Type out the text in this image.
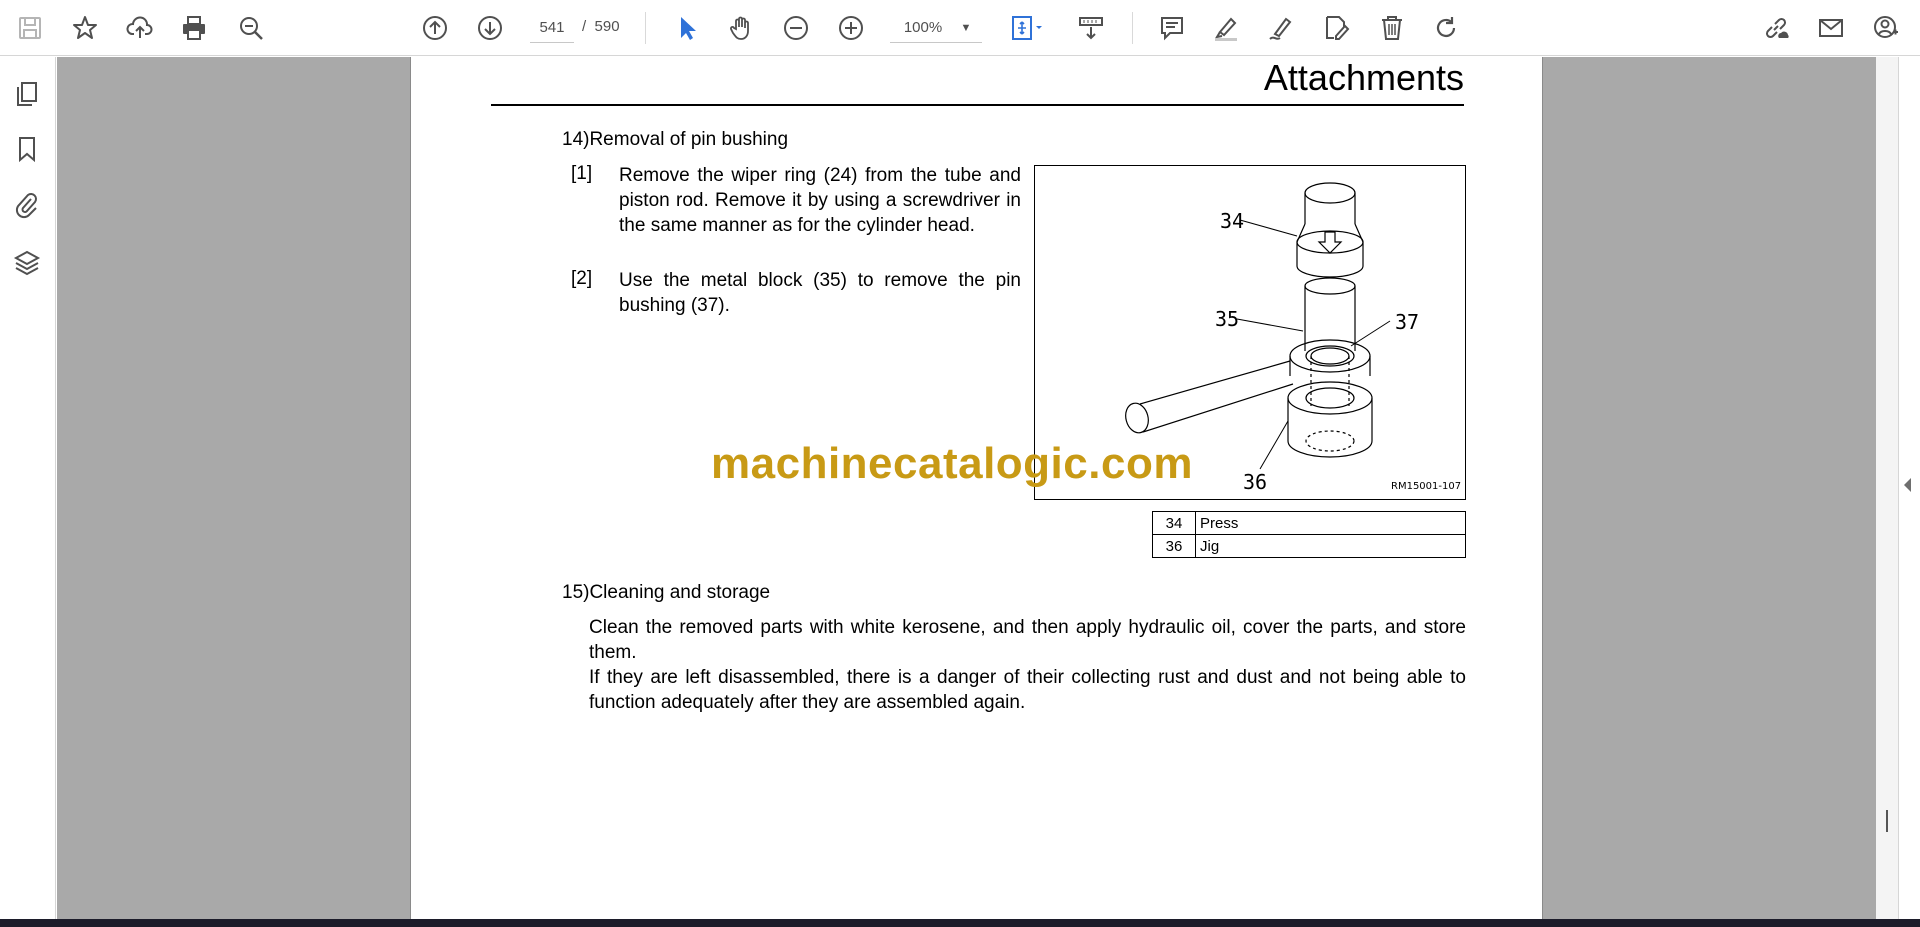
541
/ 590	100%	▼
Attachments
14)Removal of pin bushing
[1] Remove the wiper ring (24) from the tube and piston rod. Remove it by using a screwdriver in the same manner as for the cylinder head.
[2] Use the metal block (35) to remove the pin bushing (37).
34
35	37
36	RM15001-107
34	Press
36	Jig
machinecatalogic.com
15)Cleaning and storage
Clean the removed parts with white kerosene, and then apply hydraulic oil, cover the parts, and store them.
If they are left disassembled, there is a danger of their collecting rust and dust and not being able to function adequately after they are assembled again.
